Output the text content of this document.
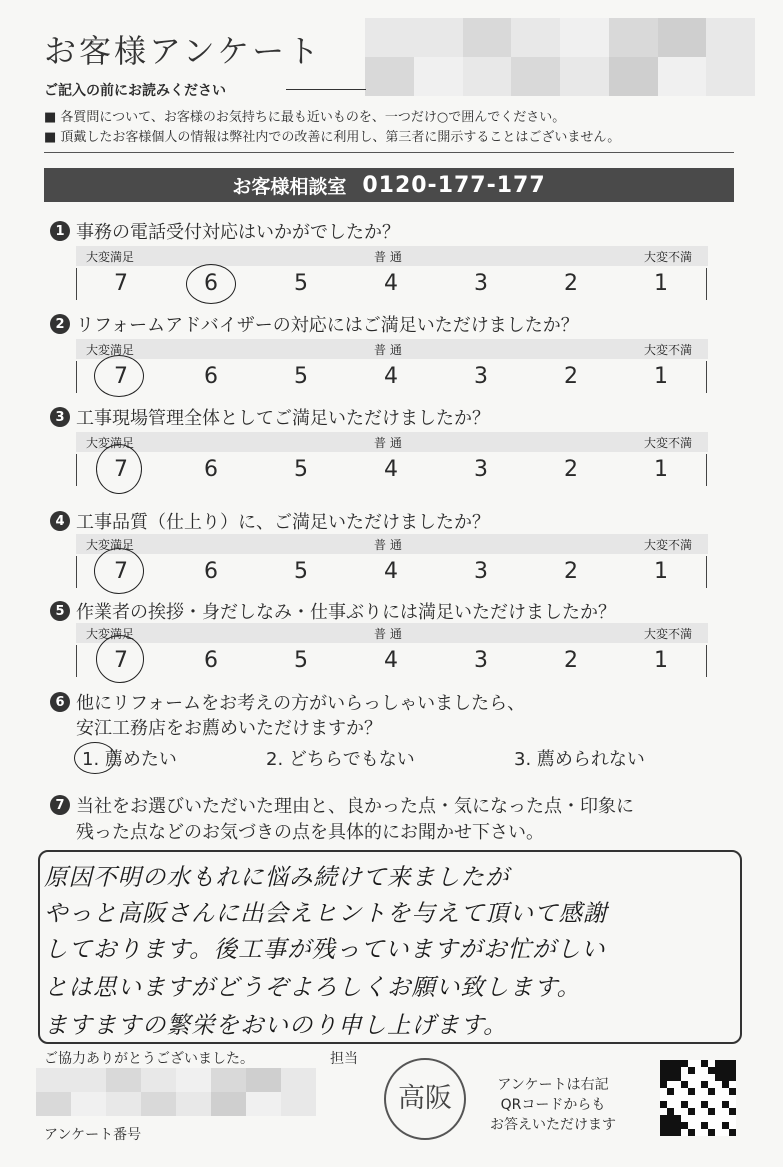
お客様アンケート
ご記入の前にお読みください
■ 各質問について、お客様のお気持ちに最も近いものを、一つだけ○で囲んでください。
■ 頂戴したお客様個人の情報は弊社内での改善に利用し、第三者に開示することはございません。
お客様相談室 0120-177-177
1 事務の電話受付対応はいかがでしたか？
大変満足	普 通	大変不満
7	6	5	4	3	2	1
2 リフォームアドバイザーの対応にはご満足いただけましたか？
大変満足	普 通	大変不満
7	6	5	4	3	2	1
3 工事現場管理全体としてご満足いただけましたか？
大変満足	普 通	大変不満
7	6	5	4	3	2	1
4 工事品質（仕上り）に、ご満足いただけましたか？
大変満足	普 通	大変不満
7	6	5	4	3	2	1
5 作業者の挨拶・身だしなみ・仕事ぶりには満足いただけましたか？
大変満足	普 通	大変不満
7	6	5	4	3	2	1
6 他にリフォームをお考えの方がいらっしゃいましたら、
安江工務店をお薦めいただけますか？
1. 薦めたい	2. どちらでもない	3. 薦められない
7 当社をお選びいただいた理由と、良かった点・気になった点・印象に
残った点などのお気づきの点を具体的にお聞かせ下さい。
原因不明の水もれに悩み続けて来ましたが
やっと高阪さんに出会えヒントを与えて頂いて感謝
しております。後工事が残っていますがお忙がしい
とは思いますがどうぞよろしくお願い致します。
ますますの繁栄をおいのり申し上げます。
ご協力ありがとうございました。	担当
アンケート番号
高阪	アンケートは右記
QRコードからも
お答えいただけます
